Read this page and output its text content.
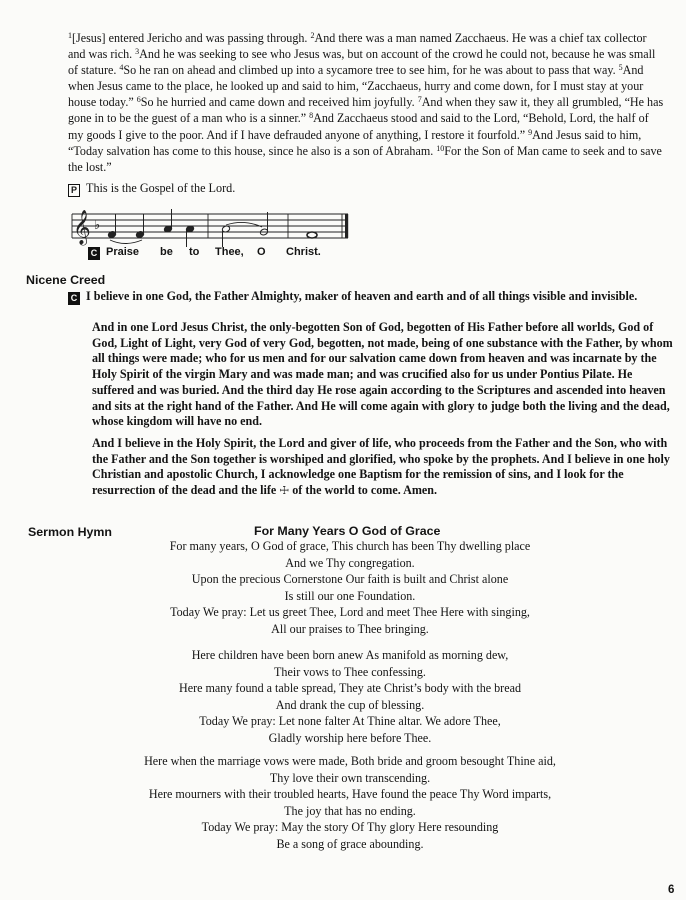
$^1$[Jesus] entered Jericho and was passing through. $^2$And there was a man named Zacchaeus. He was a chief tax collector and was rich. $^3$And he was seeking to see who Jesus was, but on account of the crowd he could not, because he was small of stature. $^4$So he ran on ahead and climbed up into a sycamore tree to see him, for he was about to pass that way. $^5$And when Jesus came to the place, he looked up and said to him, “Zacchaeus, hurry and come down, for I must stay at your house today.” $^6$So he hurried and came down and received him joyfully. $^7$And when they saw it, they all grumbled, “He has gone in to be the guest of a man who is a sinner.” $^8$And Zacchaeus stood and said to the Lord, “Behold, Lord, the half of my goods I give to the poor. And if I have defrauded anyone of anything, I restore it fourfold.” $^9$And Jesus said to him, “Today salvation has come to this house, since he also is a son of Abraham. $^{10}$For the Son of Man came to seek and to save the lost.”
P This is the Gospel of the Lord.
𝄞 ♭
C Praise be to Thee, O Christ.
Nicene Creed
C I believe in one God, the Father Almighty, maker of heaven and earth and of all things visible and invisible.
And in one Lord Jesus Christ, the only-begotten Son of God, begotten of His Father before all worlds, God of God, Light of Light, very God of very God, begotten, not made, being of one substance with the Father, by whom all things were made; who for us men and for our salvation came down from heaven and was incarnate by the Holy Spirit of the virgin Mary and was made man; and was crucified also for us under Pontius Pilate. He suffered and was buried. And the third day He rose again according to the Scriptures and ascended into heaven and sits at the right hand of the Father. And He will come again with glory to judge both the living and the dead, whose kingdom will have no end.
And I believe in the Holy Spirit, the Lord and giver of life, who proceeds from the Father and the Son, who with the Father and the Son together is worshiped and glorified, who spoke by the prophets. And I believe in one holy Christian and apostolic Church, I acknowledge one Baptism for the remission of sins, and I look for the resurrection of the dead and the life ☩ of the world to come. Amen.
Sermon Hymn	For Many Years O God of Grace
For many years, O God of grace, This church has been Thy dwelling place
And we Thy congregation.
Upon the precious Cornerstone Our faith is built and Christ alone
Is still our one Foundation.
Today We pray: Let us greet Thee, Lord and meet Thee Here with singing,
All our praises to Thee bringing.
Here children have been born anew As manifold as morning dew,
Their vows to Thee confessing.
Here many found a table spread, They ate Christ’s body with the bread
And drank the cup of blessing.
Today We pray: Let none falter At Thine altar. We adore Thee,
Gladly worship here before Thee.
Here when the marriage vows were made, Both bride and groom besought Thine aid,
Thy love their own transcending.
Here mourners with their troubled hearts, Have found the peace Thy Word imparts,
The joy that has no ending.
Today We pray: May the story Of Thy glory Here resounding
Be a song of grace abounding.
6
